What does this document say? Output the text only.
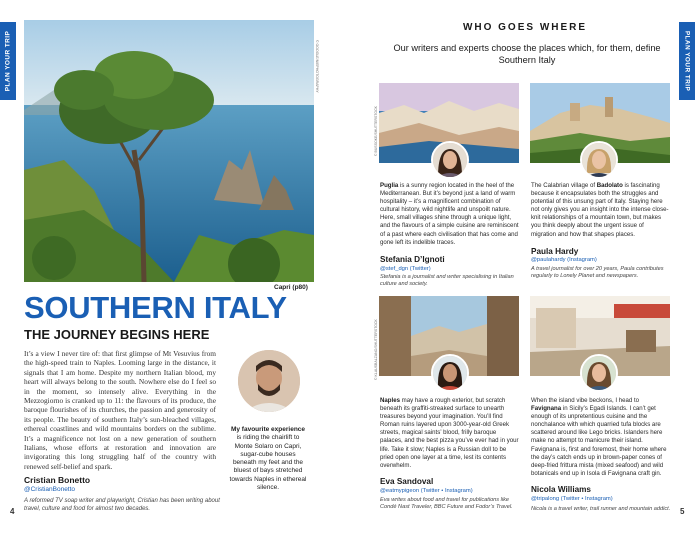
PLAN YOUR TRIP	PLAN YOUR TRIP
Capri (p80)
© GOOGLE/NIEPHOTOGRAPHY
SOUTHERN ITALY
THE JOURNEY BEGINS HERE

It’s a view I never tire of: that first glimpse of Mt Vesuvius from the high-speed train to Naples. Looming large in the distance, it signals that I am home. Despite my northern Italian blood, my heart will always belong to the south. Nowhere else do I feel so in the moment, so intensely alive. Everything in the Mezzogiorno is cranked up to 11: the flavours of its produce, the baroque flourishes of its churches, the passion and generosity of its people. The beauty of southern Italy’s sun-bleached villages, ethereal coastlines and wild mountains borders on the sublime. It’s a magnificence not lost on a new generation of southern Italians, whose efforts at restoration and innovation are invigorating this long struggling half of the country with renewed self-belief and spark.

My favourite experience is riding the chairlift to Monte Solaro on Capri, sugar-cube houses beneath my feet and the bluest of bays stretched towards Naples in ethereal silence.
Cristian Bonetto
@CristianBonetto
A reformed TV soap writer and playwright, Cristian has been writing about travel, culture and food for almost two decades.
4
WHO GOES WHERE
Our writers and experts choose the places which, for them, define Southern Italy
© BUSSOKE/SHUTTERSTOCK

Puglia is a sunny region located in the heel of the Mediterranean. But it’s beyond just a land of warm hospitality – it’s a magnificent combination of cultural history, wild nightlife and unspoilt nature. Here, small villages shine through a unique light, and the flavours of a simple cuisine are reminiscent of a past where each civilisation that has come and gone left its indelible traces.

Stefania D’Ignoti
@stef_dgn (Twitter)

Stefania is a journalist and writer specialising in Italian culture and society.

The Calabrian village of Badolato is fascinating because it encapsulates both the struggles and potential of this unsung part of Italy. Staying here not only gives you an insight into the intense close-knit relationships of a mountain town, but makes you think deeply about the urgent issue of migration and how that shapes places.

Paula Hardy
@paulahardy (Instagram)

A travel journalist for over 20 years, Paula contributes regularly to Lonely Planet and newspapers.

© KLAUSBALZANO/SHUTTERSTOCK

Naples may have a rough exterior, but scratch beneath its graffiti-streaked surface to unearth treasures beyond your imagination. You’ll find Roman ruins layered upon 3000-year-old Greek streets, magical saints’ blood, frilly baroque palaces, and the best pizza you’ve ever had in your life. Take it slow; Naples is a Russian doll to be pried open one layer at a time, lest its contents overwhelm.

Eva Sandoval
@eatmypigeon (Twitter • Instagram)

Eva writes about food and travel for publications like Condé Nast Traveler, BBC Future and Fodor’s Travel.

When the island vibe beckons, I head to Favignana in Sicily’s Egadi Islands. I can’t get enough of its unpretentious cuisine and the nonchalance with which quarried tufa blocks are scattered around like Lego bricks. Islanders here make no attempt to manicure their island. Favignana is, first and foremost, their home where the day’s catch ends up in brown-paper cones of deep-fried frittura mista (mixed seafood) and wild botanicals end up in Isola di Favignana craft gin.

Nicola Williams
@tripalong (Twitter • Instagram)

Nicola is a travel writer, trail runner and mountain addict. 5
